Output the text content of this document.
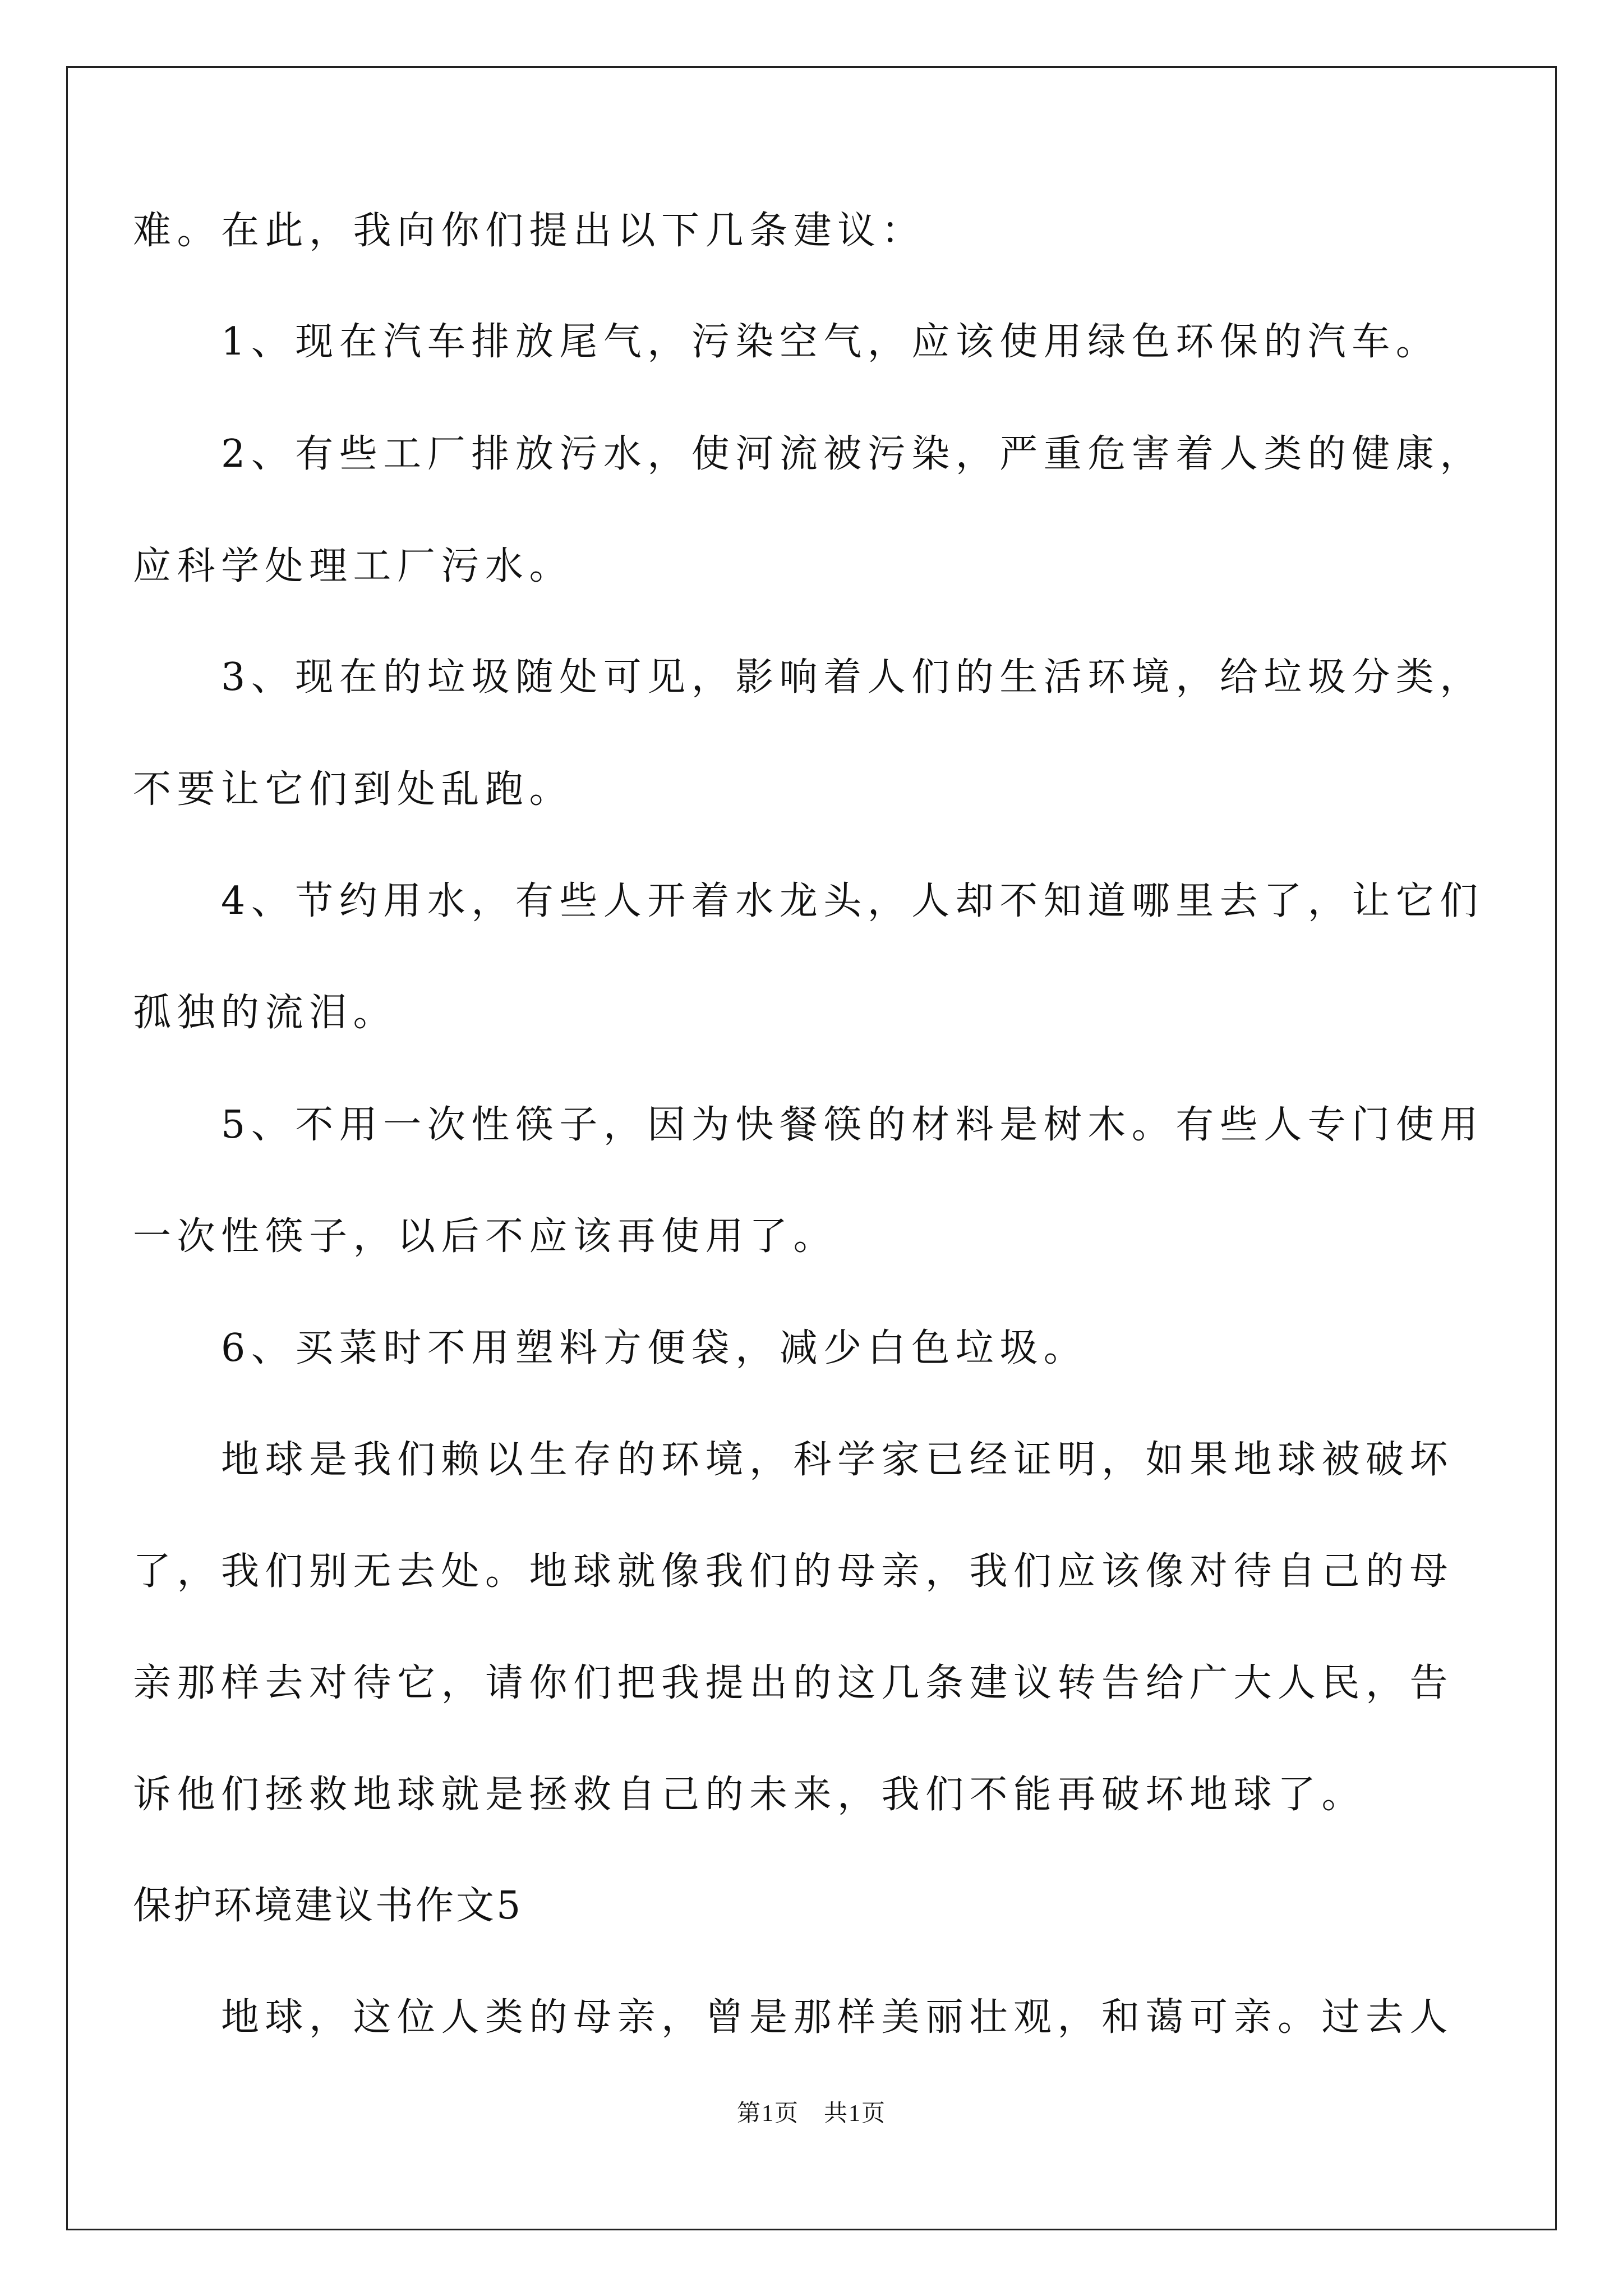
难。在此，我向你们提出以下几条建议：
1、现在汽车排放尾气，污染空气，应该使用绿色环保的汽车。
2、有些工厂排放污水，使河流被污染，严重危害着人类的健康，
应科学处理工厂污水。
3、现在的垃圾随处可见，影响着人们的生活环境，给垃圾分类，
不要让它们到处乱跑。
4、节约用水，有些人开着水龙头，人却不知道哪里去了，让它们
孤独的流泪。
5、不用一次性筷子，因为快餐筷的材料是树木。有些人专门使用
一次性筷子，以后不应该再使用了。
6、买菜时不用塑料方便袋，减少白色垃圾。
地球是我们赖以生存的环境，科学家已经证明，如果地球被破坏
了，我们别无去处。地球就像我们的母亲，我们应该像对待自己的母
亲那样去对待它，请你们把我提出的这几条建议转告给广大人民，告
诉他们拯救地球就是拯救自己的未来，我们不能再破坏地球了。
保护环境建议书作文5
地球，这位人类的母亲，曾是那样美丽壮观，和蔼可亲。过去人
第1页　共1页
